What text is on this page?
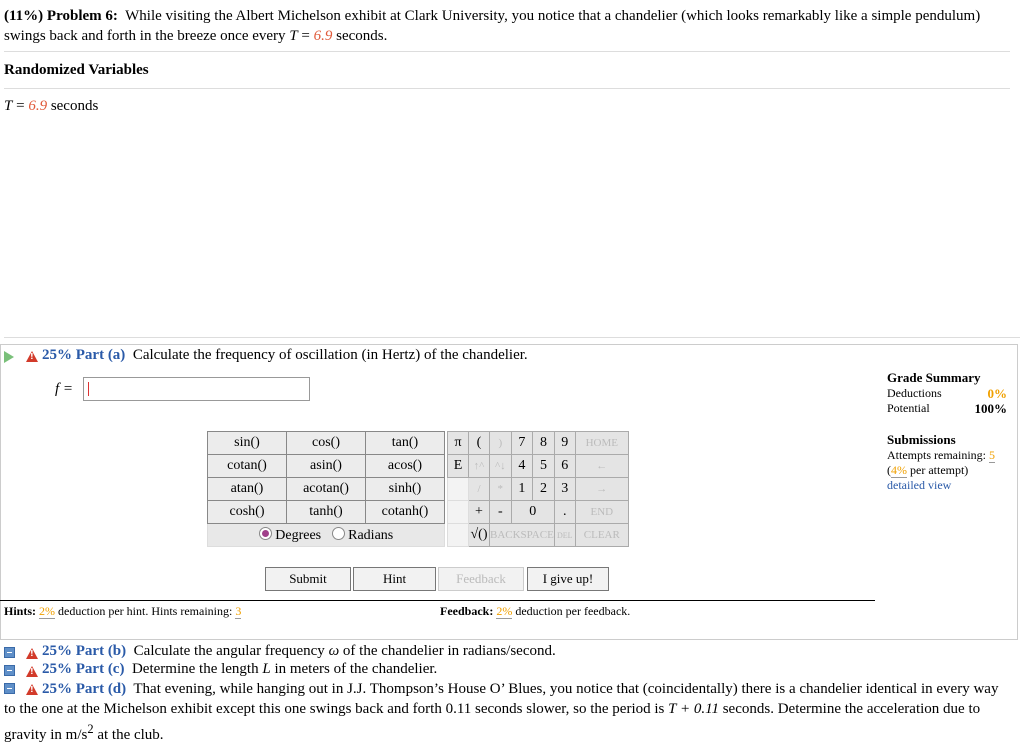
(11%) Problem 6: While visiting the Albert Michelson exhibit at Clark University, you notice that a chandelier (which looks remarkably like a simple pendulum) swings back and forth in the breeze once every T = 6.9 seconds.
Randomized Variables
T = 6.9 seconds
!
25% Part (a) Calculate the frequency of oscillation (in Hertz) of the chandelier.
f =
sin()	cos()	tan()
cotan()	asin()	acos()
atan()	acotan()	sinh()
cosh()	tanh()	cotanh()

Degrees Radians		
π	(	)	7	8	9	HOME
E	↑^	^↓	4	5	6	←
	/	*	1	2	3	→
	+	-	0		.	END
	√()	BACKSPACE			DEL	CLEAR
Submit	Hint	Feedback	I give up!
Hints: 2% deduction per hint. Hints remaining: 3	Feedback: 2% deduction per feedback.
Grade Summary

Deductions	0%
Potential	100%
Submissions
Attempts remaining: 5
(4% per attempt)
detailed view
!
25% Part (b) Calculate the angular frequency ω of the chandelier in radians/second.
!
25% Part (c) Determine the length L in meters of the chandelier.
!
25% Part (d) That evening, while hanging out in J.J. Thompson’s House O’ Blues, you notice that (coincidentally) there is a chandelier identical in every way to the one at the Michelson exhibit except this one swings back and forth 0.11 seconds slower, so the period is T + 0.11 seconds. Determine the acceleration due to gravity in $m/s^2$ at the club.
